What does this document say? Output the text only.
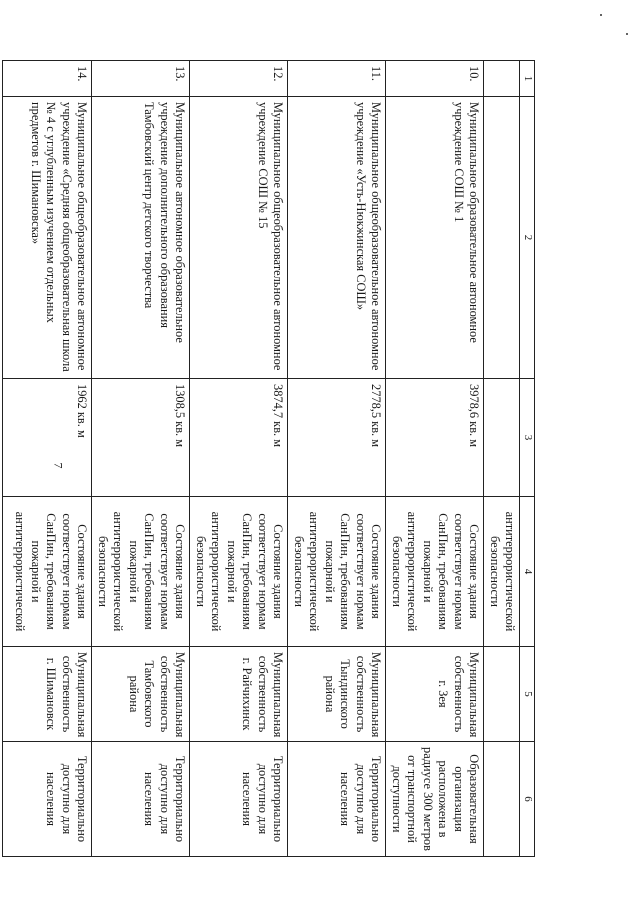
7
1	2	3	4	5	6
			антитеррористической безопасности		
10.	Муниципальное образовательное автономное учреждение СОШ № 1	3978,6 кв. м	Состояние здания соответствует нормам СанПин, требованиям пожарной и антитеррористической безопасности	Муниципальная собственность г. Зея	Образовательная организация расположена в радиусе 300 метров от транспортной доступности
11.	Муниципальное общеобразовательное автономное учреждение «Усть-Нюкжинская СОШ»	2778,5 кв. м	Состояние здания соответствует нормам СанПин, требованиям пожарной и антитеррористической безопасности	Муниципальная собственность Тындинского района	Территориально доступно для населения
12.	Муниципальное общеобразовательное автономное учреждение СОШ № 15	3874,7 кв. м	Состояние здания соответствует нормам СанПин, требованиям пожарной и антитеррористической безопасности	Муниципальная собственность г. Райчихинск	Территориально доступно для населения
13.	Муниципальное автономное образовательное учреждение дополнительного образования Тамбовский центр детского творчества	1308,5 кв. м	Состояние здания соответствует нормам СанПин, требованиям пожарной и антитеррористической безопасности	Муниципальная собственность Тамбовского района	Территориально доступно для населения
14.	Муниципальное общеобразовательное автономное учреждение «Средняя общеобразовательная школа № 4 с углубленным изучением отдельных предметов г. Шимановска»	1962 кв. м	Состояние здания соответствует нормам СанПин, требованиям пожарной и антитеррористической	Муниципальная собственность г. Шимановск	Территориально доступно для населения
